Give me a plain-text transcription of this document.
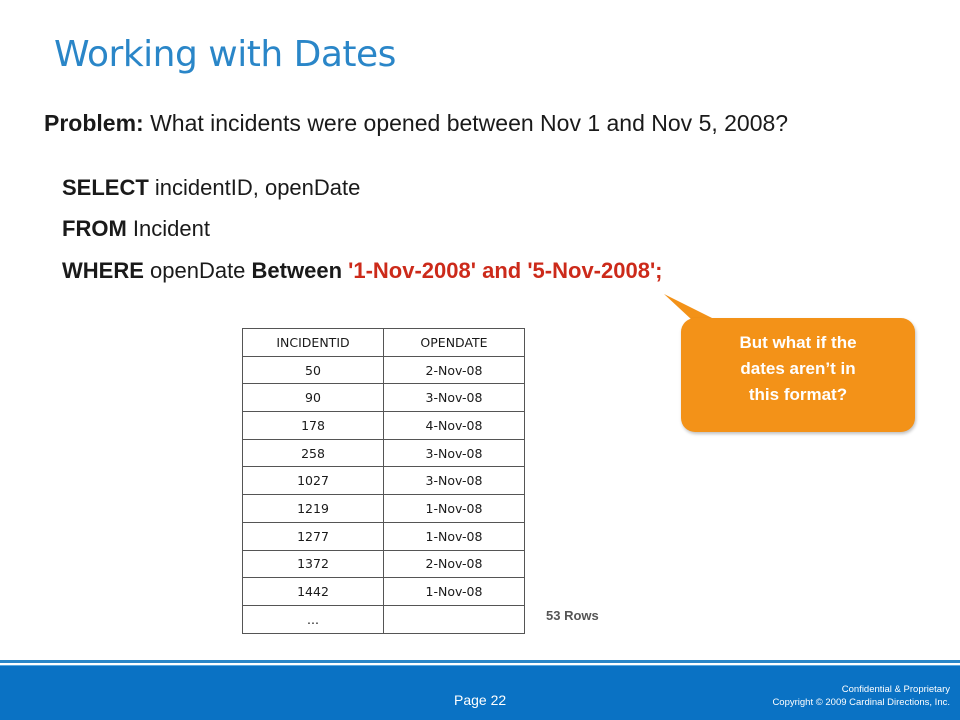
Working with Dates
Problem: What incidents were opened between Nov 1 and Nov 5, 2008?
SELECT incidentID, openDate
FROM Incident
WHERE openDate Between '1-Nov-2008' and '5-Nov-2008';
INCIDENTID	OPENDATE
50	2-Nov-08
90	3-Nov-08
178	4-Nov-08
258	3-Nov-08
1027	3-Nov-08
1219	1-Nov-08
1277	1-Nov-08
1372	2-Nov-08
1442	1-Nov-08
...		53 Rows
But what if the
dates aren’t in
this format?
Page 22
Confidential & Proprietary
Copyright © 2009 Cardinal Directions, Inc.
